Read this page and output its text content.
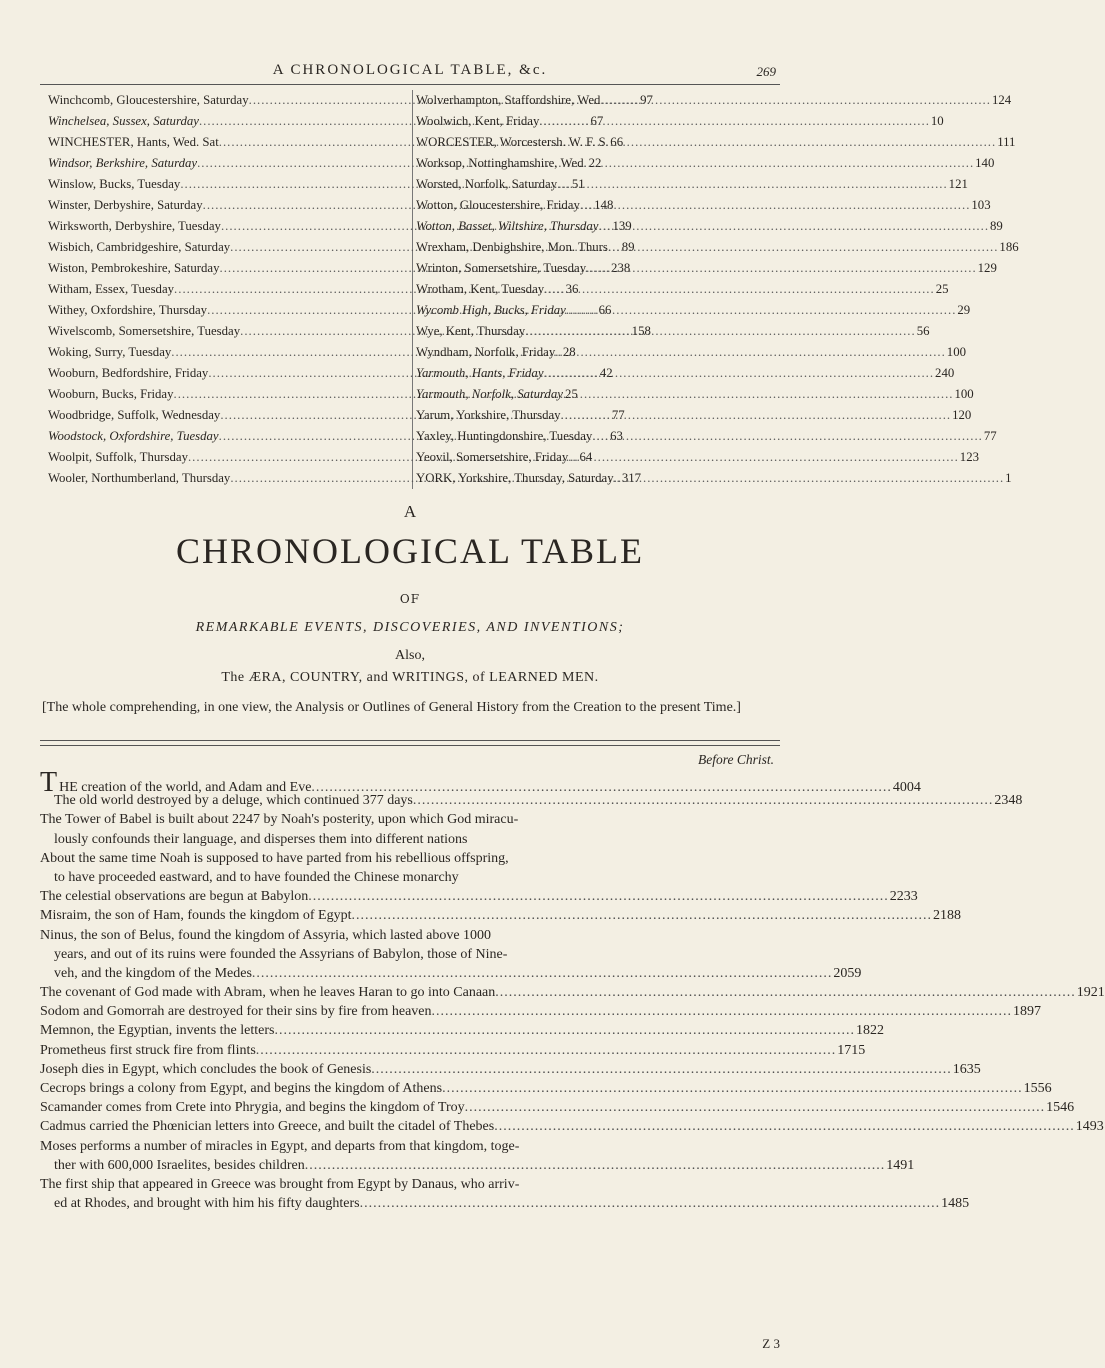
A CHRONOLOGICAL TABLE, &c.	269
Winchcomb, Gloucestershire, Saturday .....	97
Winchelsea, Sussex, Saturday .....	67
WINCHESTER, Hants, Wed. Sat .....	66
Windsor, Berkshire, Saturday .....	22
Winslow, Bucks, Tuesday .....	51
Winster, Derbyshire, Saturday .....	148
Wirksworth, Derbyshire, Tuesday .....	139
Wisbich, Cambridgeshire, Saturday .....	89
Wiston, Pembrokeshire, Saturday .....	238
Witham, Essex, Tuesday .....	36
Withey, Oxfordshire, Thursday .....	66
Wivelscomb, Somersetshire, Tuesday .....	158
Woking, Surry, Tuesday .....	28
Wooburn, Bedfordshire, Friday .....	42
Wooburn, Bucks, Friday .....	25
Woodbridge, Suffolk, Wednesday .....	77
Woodstock, Oxfordshire, Tuesday .....	63
Woolpit, Suffolk, Thursday .....	64
Wooler, Northumberland, Thursday .....	317
Wolverhampton, Staffordshire, Wed .....	124
Woolwich, Kent, Friday .....	10
WORCESTER, Worcestersh. W. F. S .....	111
Worksop, Nottinghamshire, Wed .....	140
Worsted, Norfolk, Saturday .....	121
Wotton, Gloucestershire, Friday .....	103
Wotton, Basset, Wiltshire, Thursday .....	89
Wrexham, Denbighshire, Mon. Thurs .....	186
Wrinton, Somersetshire, Tuesday .....	129
Wrotham, Kent, Tuesday .....	25
Wycomb High, Bucks, Friday .....	29
Wye, Kent, Thursday .....	56
Wyndham, Norfolk, Friday .....	100
Yarmouth, Hants, Friday .....	240
Yarmouth, Norfolk, Saturday .....	100
Yarum, Yorkshire, Thursday .....	120
Yaxley, Huntingdonshire, Tuesday .....	77
Yeovil, Somersetshire, Friday .....	123
YORK, Yorkshire, Thursday, Saturday .....	1
A
CHRONOLOGICAL TABLE
OF
REMARKABLE EVENTS, DISCOVERIES, AND INVENTIONS;
Also,
The ÆRA, COUNTRY, and WRITINGS, of LEARNED MEN.
[The whole comprehending, in one view, the Analysis or Outlines of General History from the Creation to the present Time.]
Before Christ.
T HE creation of the world, and Adam and Eve .....	4004
The old world destroyed by a deluge, which continued 377 days .....	2348
The Tower of Babel is built about 2247 by Noah's posterity, upon which God miracu-
lously confounds their language, and disperses them into different nations
About the same time Noah is supposed to have parted from his rebellious offspring,
to have proceeded eastward, and to have founded the Chinese monarchy
The celestial observations are begun at Babylon .....	2233
Misraim, the son of Ham, founds the kingdom of Egypt .....	2188
Ninus, the son of Belus, found the kingdom of Assyria, which lasted above 1000
years, and out of its ruins were founded the Assyrians of Babylon, those of Nine-
veh, and the kingdom of the Medes .....	2059
The covenant of God made with Abram, when he leaves Haran to go into Canaan .....	1921
Sodom and Gomorrah are destroyed for their sins by fire from heaven .....	1897
Memnon, the Egyptian, invents the letters .....	1822
Prometheus first struck fire from flints .....	1715
Joseph dies in Egypt, which concludes the book of Genesis .....	1635
Cecrops brings a colony from Egypt, and begins the kingdom of Athens .....	1556
Scamander comes from Crete into Phrygia, and begins the kingdom of Troy .....	1546
Cadmus carried the Phœnician letters into Greece, and built the citadel of Thebes .....	1493
Moses performs a number of miracles in Egypt, and departs from that kingdom, toge-
ther with 600,000 Israelites, besides children .....	1491
The first ship that appeared in Greece was brought from Egypt by Danaus, who arriv-
ed at Rhodes, and brought with him his fifty daughters .....	1485
Z 3
